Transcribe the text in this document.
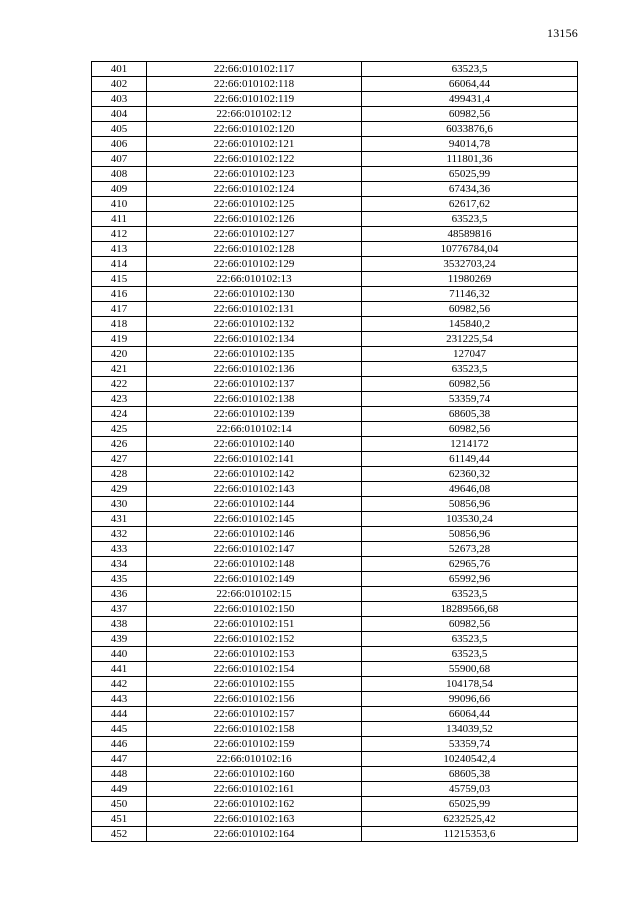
13156
401	22:66:010102:117	63523,5
402	22:66:010102:118	66064,44
403	22:66:010102:119	499431,4
404	22:66:010102:12	60982,56
405	22:66:010102:120	6033876,6
406	22:66:010102:121	94014,78
407	22:66:010102:122	111801,36
408	22:66:010102:123	65025,99
409	22:66:010102:124	67434,36
410	22:66:010102:125	62617,62
411	22:66:010102:126	63523,5
412	22:66:010102:127	48589816
413	22:66:010102:128	10776784,04
414	22:66:010102:129	3532703,24
415	22:66:010102:13	11980269
416	22:66:010102:130	71146,32
417	22:66:010102:131	60982,56
418	22:66:010102:132	145840,2
419	22:66:010102:134	231225,54
420	22:66:010102:135	127047
421	22:66:010102:136	63523,5
422	22:66:010102:137	60982,56
423	22:66:010102:138	53359,74
424	22:66:010102:139	68605,38
425	22:66:010102:14	60982,56
426	22:66:010102:140	1214172
427	22:66:010102:141	61149,44
428	22:66:010102:142	62360,32
429	22:66:010102:143	49646,08
430	22:66:010102:144	50856,96
431	22:66:010102:145	103530,24
432	22:66:010102:146	50856,96
433	22:66:010102:147	52673,28
434	22:66:010102:148	62965,76
435	22:66:010102:149	65992,96
436	22:66:010102:15	63523,5
437	22:66:010102:150	18289566,68
438	22:66:010102:151	60982,56
439	22:66:010102:152	63523,5
440	22:66:010102:153	63523,5
441	22:66:010102:154	55900,68
442	22:66:010102:155	104178,54
443	22:66:010102:156	99096,66
444	22:66:010102:157	66064,44
445	22:66:010102:158	134039,52
446	22:66:010102:159	53359,74
447	22:66:010102:16	10240542,4
448	22:66:010102:160	68605,38
449	22:66:010102:161	45759,03
450	22:66:010102:162	65025,99
451	22:66:010102:163	6232525,42
452	22:66:010102:164	11215353,6
